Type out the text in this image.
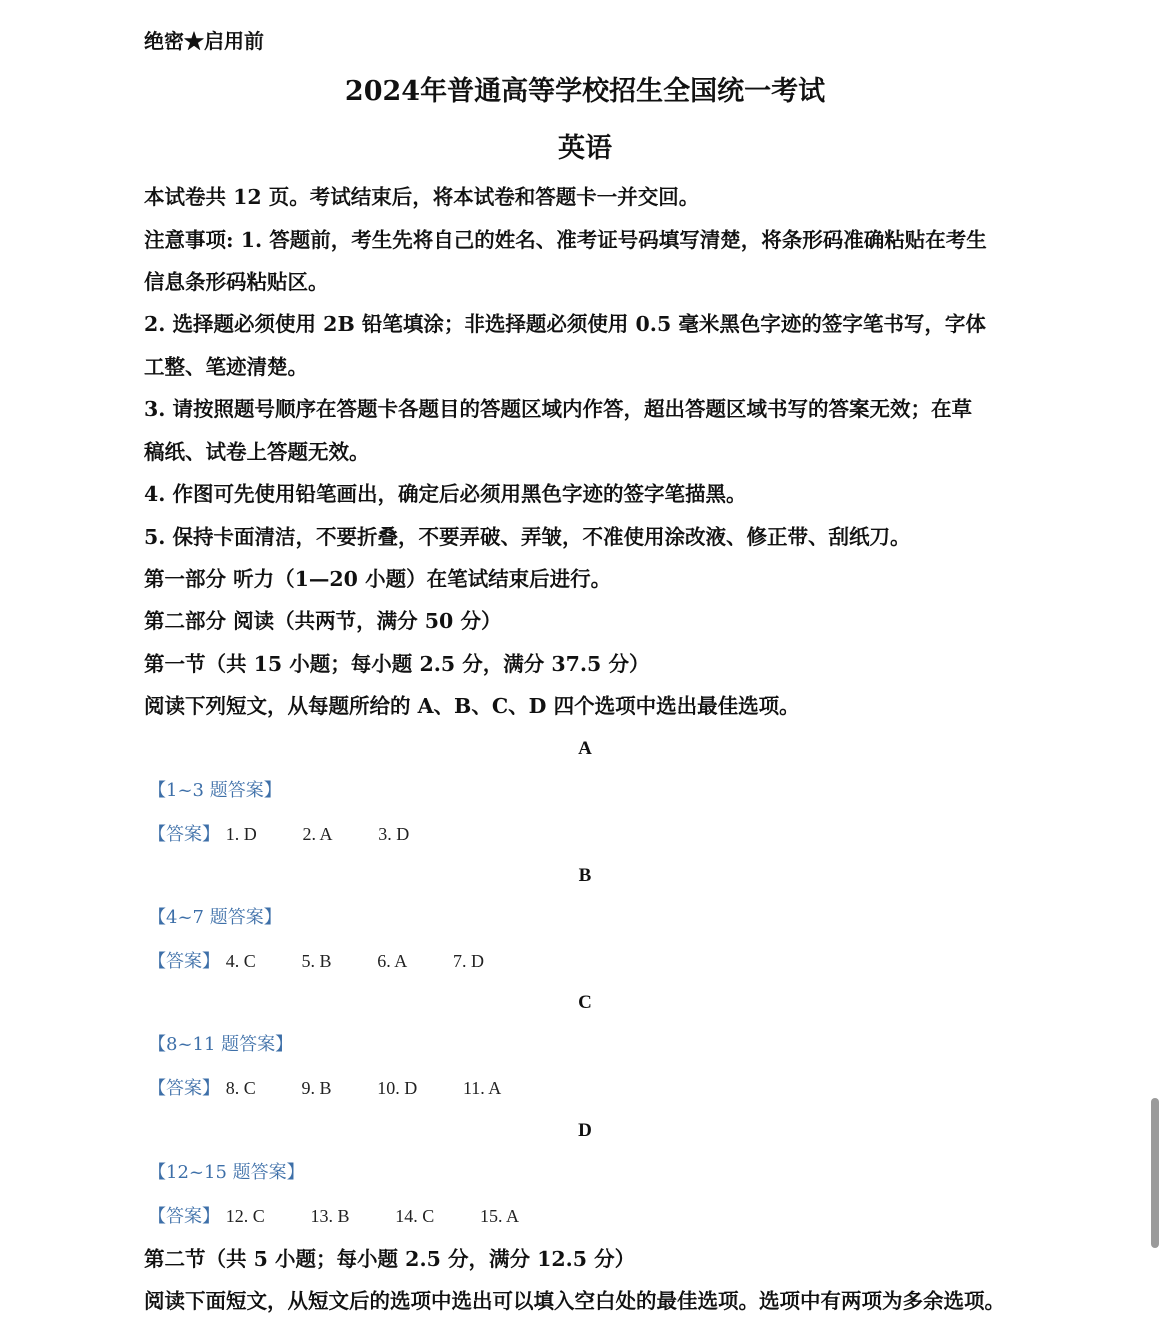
绝密★启用前
2024年普通高等学校招生全国统一考试
英语
本试卷共 12 页。考试结束后，将本试卷和答题卡一并交回。
注意事项: 1. 答题前，考生先将自己的姓名、准考证号码填写清楚，将条形码准确粘贴在考生
信息条形码粘贴区。
2. 选择题必须使用 2B 铅笔填涂；非选择题必须使用 0.5 毫米黑色字迹的签字笔书写，字体
工整、笔迹清楚。
3. 请按照题号顺序在答题卡各题目的答题区域内作答，超出答题区域书写的答案无效；在草
稿纸、试卷上答题无效。
4. 作图可先使用铅笔画出，确定后必须用黑色字迹的签字笔描黑。
5. 保持卡面清洁，不要折叠，不要弄破、弄皱，不准使用涂改液、修正带、刮纸刀。
第一部分 听力（1—20 小题）在笔试结束后进行。
第二部分 阅读（共两节，满分 50 分）
第一节（共 15 小题；每小题 2.5 分，满分 37.5 分）
阅读下列短文，从每题所给的 A、B、C、D 四个选项中选出最佳选项。
A
【1~3 题答案】
【答案】 1. D	2. A	3. D
B
【4~7 题答案】
【答案】 4. C	5. B	6. A	7. D
C
【8~11 题答案】
【答案】 8. C	9. B	10. D	11. A
D
【12~15 题答案】
【答案】 12. C	13. B	14. C	15. A
第二节（共 5 小题；每小题 2.5 分，满分 12.5 分）
阅读下面短文，从短文后的选项中选出可以填入空白处的最佳选项。选项中有两项为多余选项。
